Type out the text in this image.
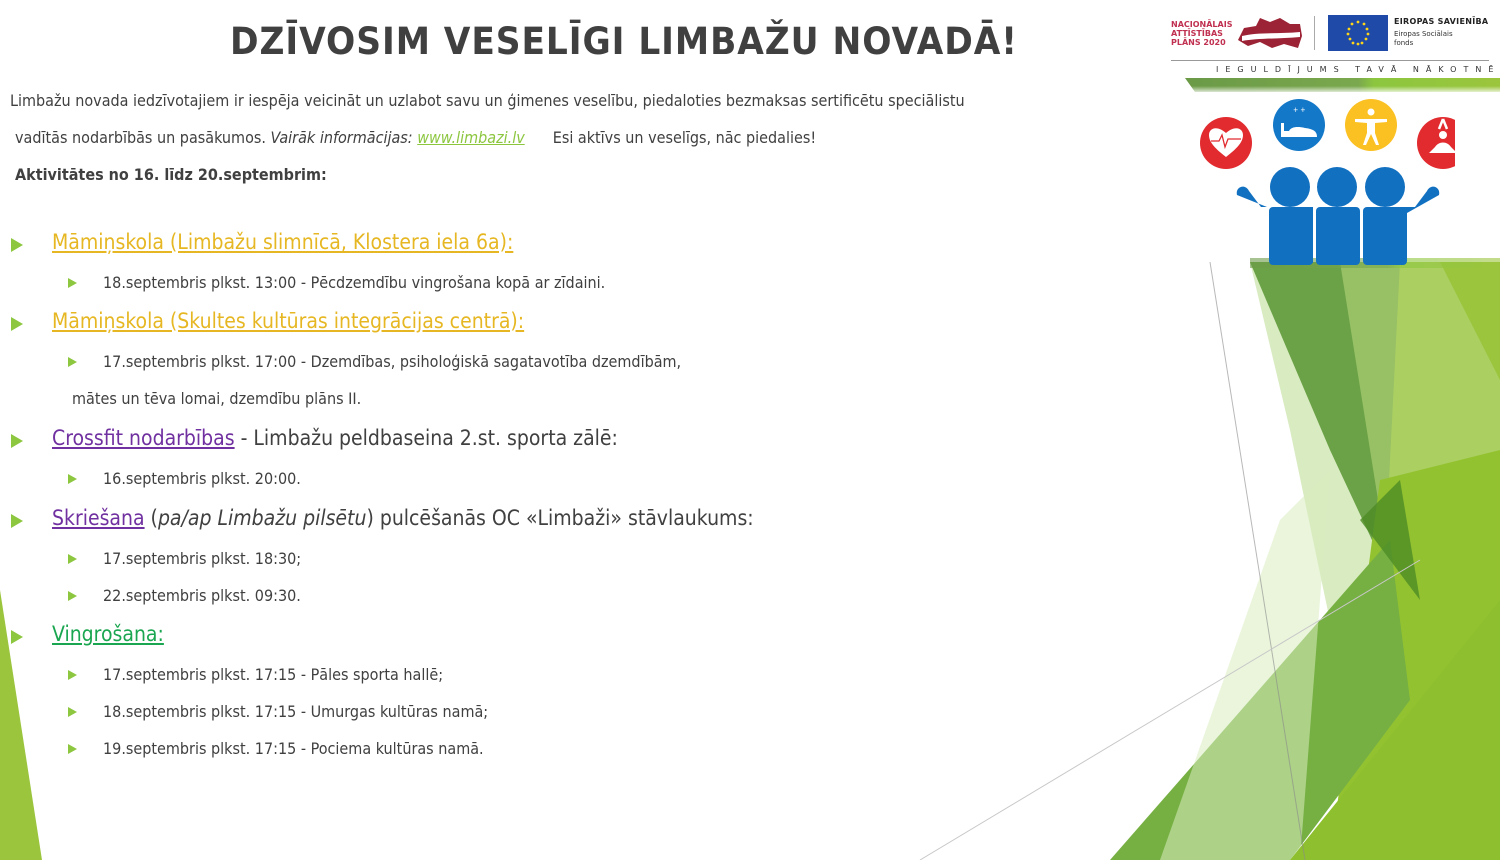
DZĪVOSIM VESELĪGI LIMBAŽU NOVADĀ!
Limbažu novada iedzīvotajiem ir iespēja veicināt un uzlabot savu un ģimenes veselību, piedaloties bezmaksas sertificētu speciālistu
vadītās nodarbībās un pasākumos. Vairāk informācijas: www.limbazi.lv Esi aktīvs un veselīgs, nāc piedalies!
Aktivitātes no 16. līdz 20.septembrim:
NACIONĀLAIS
ATTĪSTĪBAS
PLĀNS 2020
EIROPAS SAVIENĪBA
Eiropas Sociālais
fonds
IEGULDĪJUMS TAVĀ NĀKOTNĒ
+ +
Māmiņskola (Limbažu slimnīcā, Klostera iela 6a):
18.septembris plkst. 13:00 - Pēcdzemdību vingrošana kopā ar zīdaini.
Māmiņskola (Skultes kultūras integrācijas centrā):
17.septembris plkst. 17:00 - Dzemdības, psiholoģiskā sagatavotība dzemdībām,
mātes un tēva lomai, dzemdību plāns II.
Crossfit nodarbības - Limbažu peldbaseina 2.st. sporta zālē:
16.septembris plkst. 20:00.
Skriešana (pa/ap Limbažu pilsētu) pulcēšanās OC «Limbaži» stāvlaukums:
17.septembris plkst. 18:30;
22.septembris plkst. 09:30.
Vingrošana:
17.septembris plkst. 17:15 - Pāles sporta hallē;
18.septembris plkst. 17:15 - Umurgas kultūras namā;
19.septembris plkst. 17:15 - Pociema kultūras namā.
